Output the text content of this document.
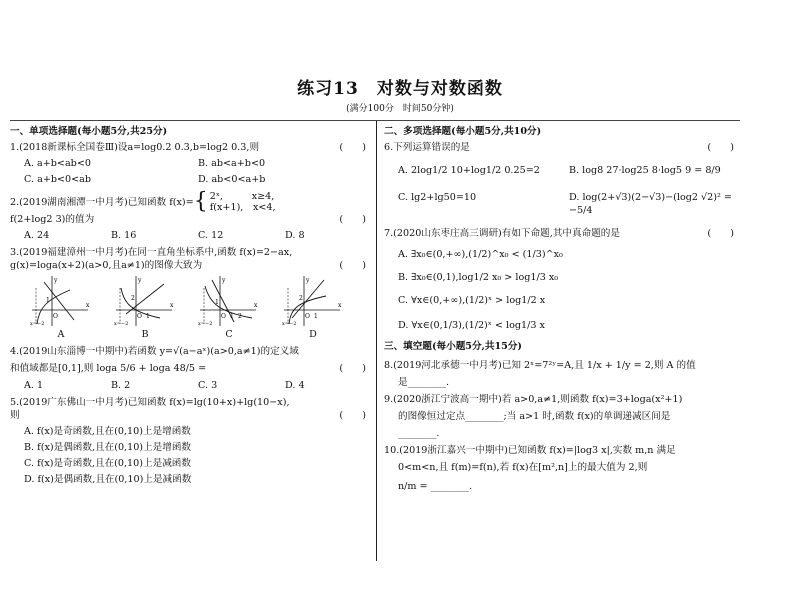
练习13　对数与对数函数
(满分100分　时间50分钟)
一、单项选择题(每小题5分,共25分)
1.(2018新课标全国卷Ⅲ)设a=log0.2 0.3,b=log2 0.3,则	(　　)
A. a+b<ab<0	B. ab<a+b<0
C. a+b<0<ab	D. ab<0<a+b
2.(2019湖南湘潭一中月考)已知函数 f(x)= { 2ˣ,　　　x≥4,
f(x+1),　x<4,
f(2+log2 3)的值为	(　　)
A. 24	B. 16	C. 12	D. 8
3.(2019福建漳州一中月考)在同一直角坐标系中,函数 f(x)=2−ax,
g(x)=loga(x+2)(a>0,且a≠1)的图像大致为	(　　)
y
x
1
O
x=−2
A
y
x
2
O 1
x=−2
B
y
x
1
O 1 2
x=−2
C
y
x
2
O 1
x=−2
D
4.(2019山东淄博一中期中)若函数 y=√(a−aˣ)(a>0,a≠1)的定义域
和值域都是[0,1],则 loga 5/6 + loga 48/5 =	(　　)
A. 1	B. 2	C. 3	D. 4
5.(2019广东佛山一中月考)已知函数 f(x)=lg(10+x)+lg(10−x),
则	(　　)
A. f(x)是奇函数,且在(0,10)上是增函数
B. f(x)是偶函数,且在(0,10)上是增函数
C. f(x)是奇函数,且在(0,10)上是减函数
D. f(x)是偶函数,且在(0,10)上是减函数
二、多项选择题(每小题5分,共10分)
6.下列运算错误的是	(　　)
A. 2log1/2 10+log1/2 0.25=2	B. log8 27·log25 8·log5 9 = 8/9
C. lg2+lg50=10	D. log(2+√3)(2−√3)−(log2 √2)² = −5/4
7.(2020山东枣庄高三调研)有如下命题,其中真命题的是	(　　)
A. ∃x₀∈(0,+∞),(1/2)^x₀ < (1/3)^x₀
B. ∃x₀∈(0,1),log1/2 x₀ > log1/3 x₀
C. ∀x∈(0,+∞),(1/2)ˣ > log1/2 x
D. ∀x∈(0,1/3),(1/2)ˣ < log1/3 x
三、填空题(每小题5分,共15分)
8.(2019河北承德一中月考)已知 2ˣ=7²ʸ=A,且 1/x + 1/y = 2,则 A 的值
是________.
9.(2020浙江宁波高一期中)若 a>0,a≠1,则函数 f(x)=3+loga(x²+1)
的图像恒过定点________;当 a>1 时,函数 f(x)的单调递减区间是
________.
10.(2019浙江嘉兴一中期中)已知函数 f(x)=|log3 x|,实数 m,n 满足
0<m<n,且 f(m)=f(n),若 f(x)在[m²,n]上的最大值为 2,则
n/m = ________.
